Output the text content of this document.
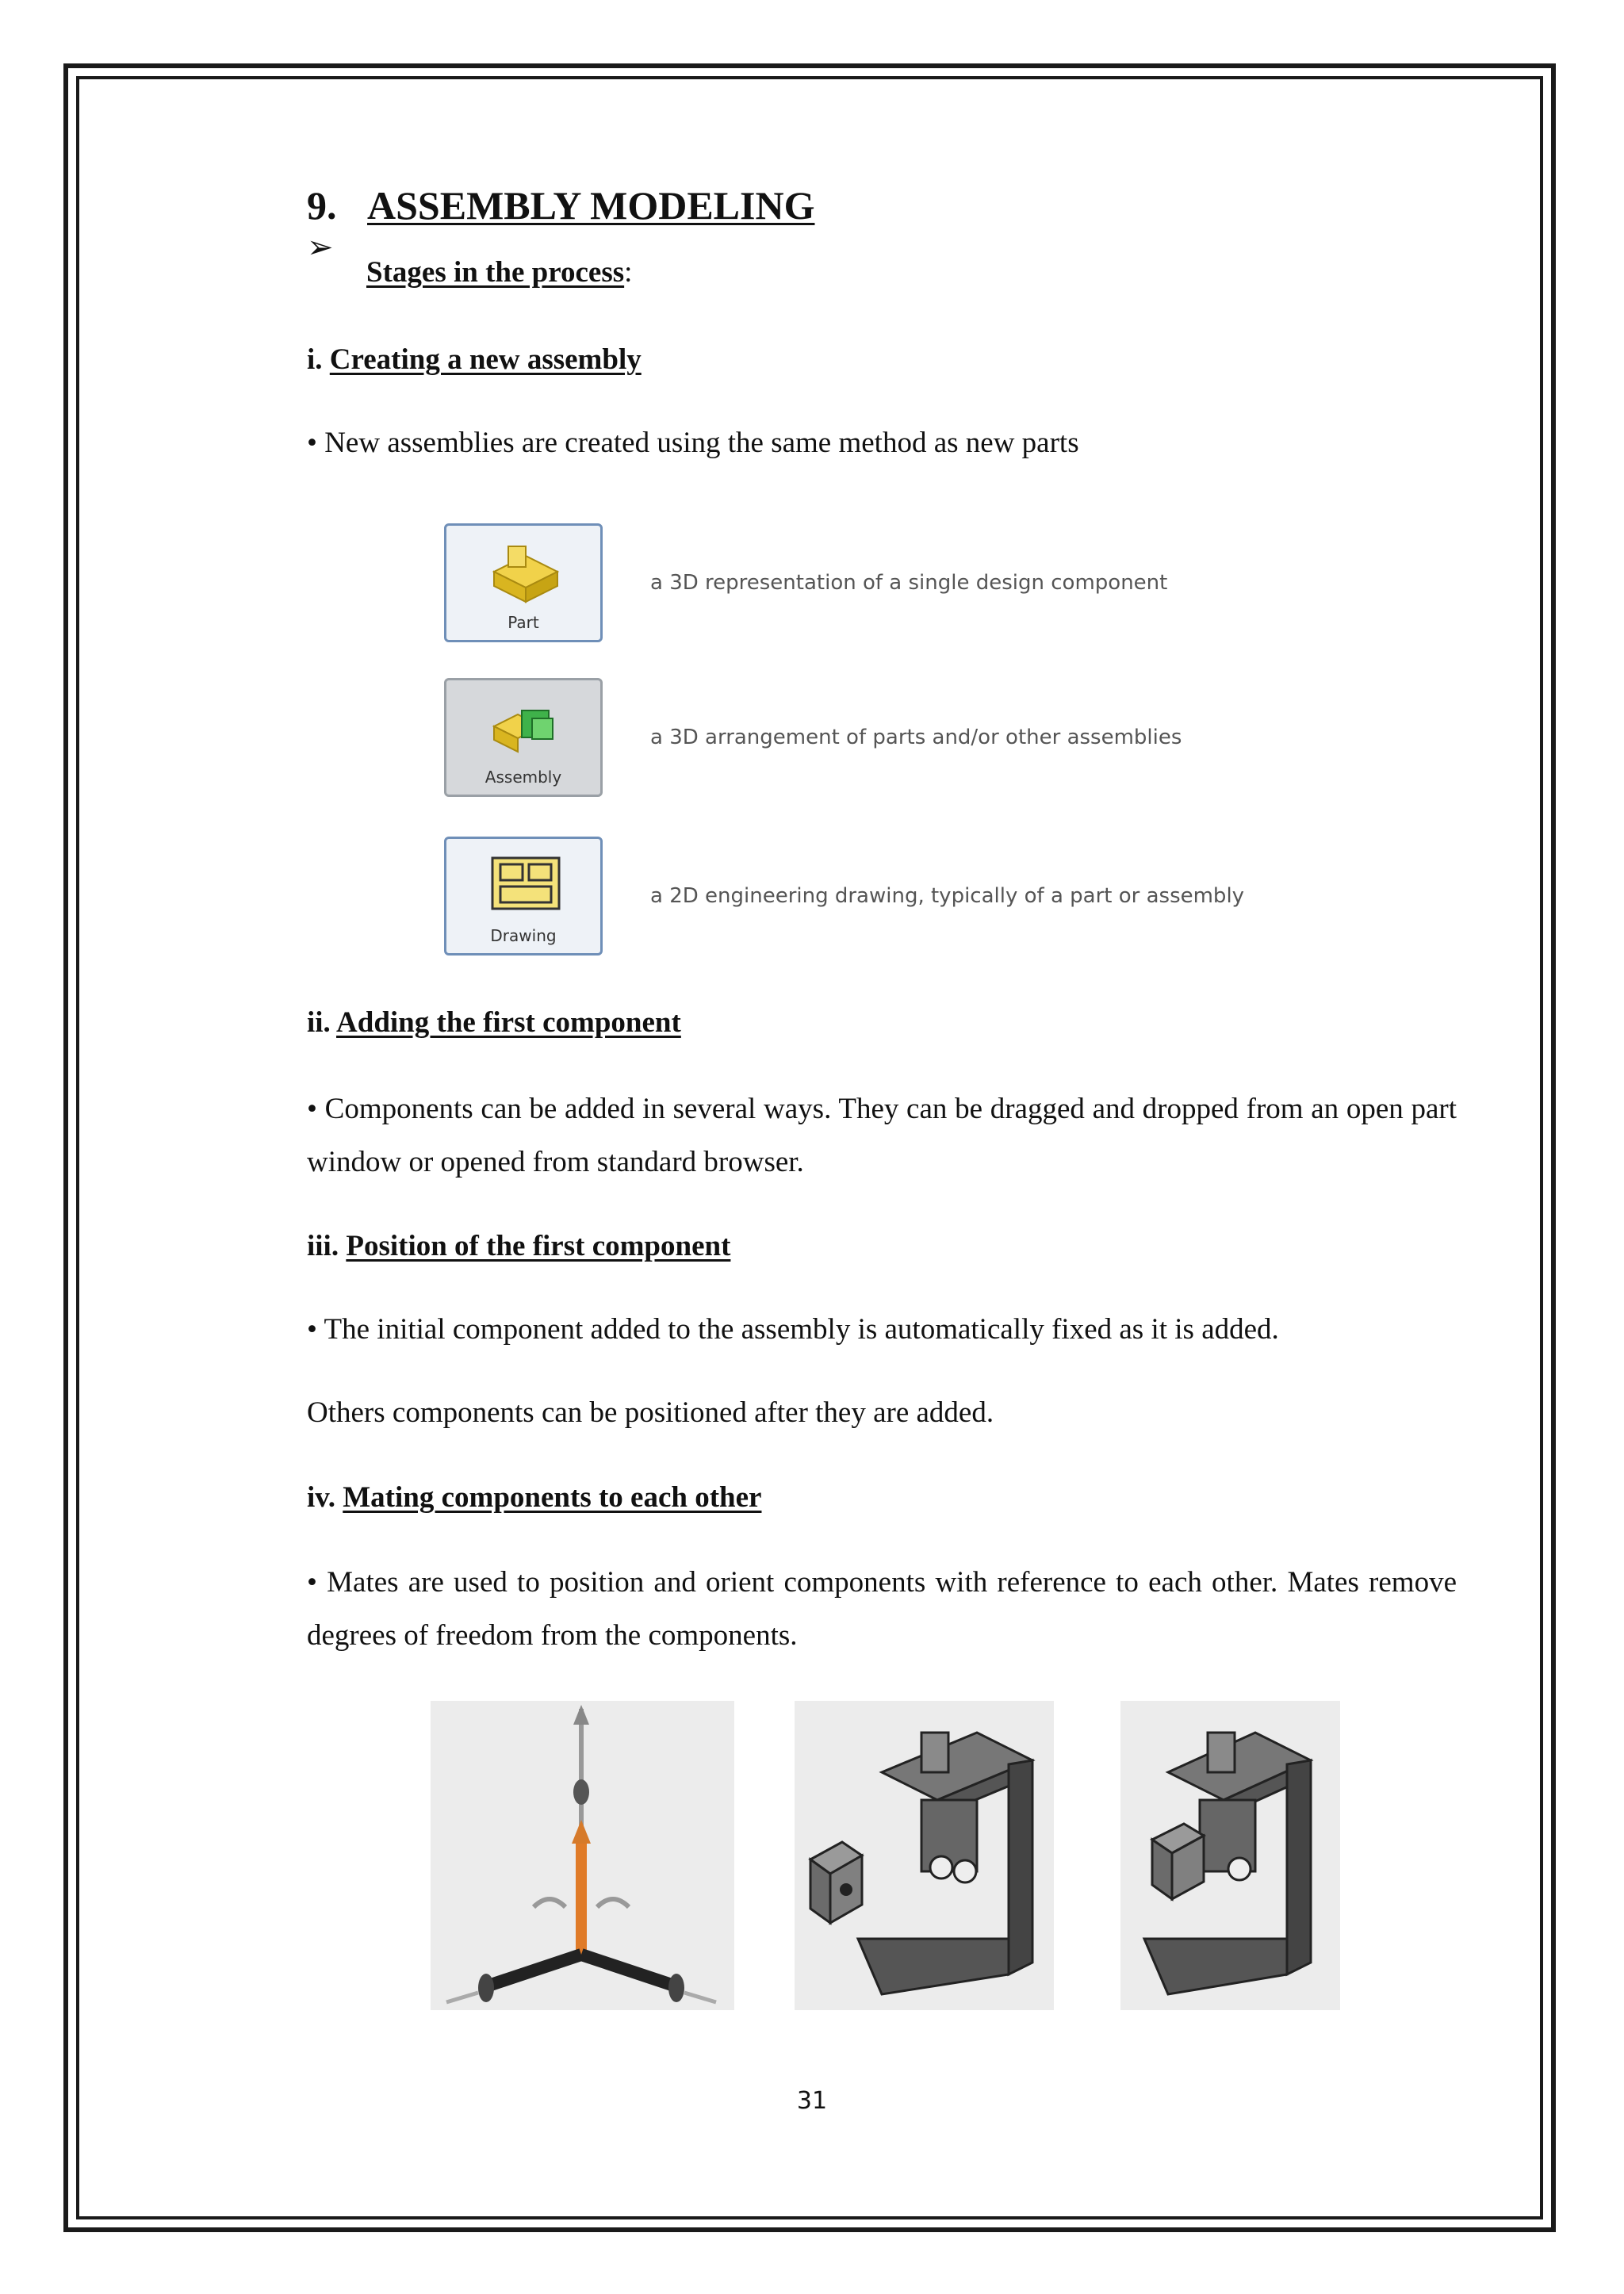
9. ASSEMBLY MODELING
➢
Stages in the process:
i. Creating a new assembly
• New assemblies are created using the same method as new parts
Part
a 3D representation of a single design component
Assembly
a 3D arrangement of parts and/or other assemblies
Drawing
a 2D engineering drawing, typically of a part or assembly
ii. Adding the first component
• Components can be added in several ways. They can be dragged and dropped from an open part window or opened from standard browser.
iii. Position of the first component
• The initial component added to the assembly is automatically fixed as it is added.
Others components can be positioned after they are added.
iv. Mating components to each other
• Mates are used to position and orient components with reference to each other. Mates remove degrees of freedom from the components.
31
